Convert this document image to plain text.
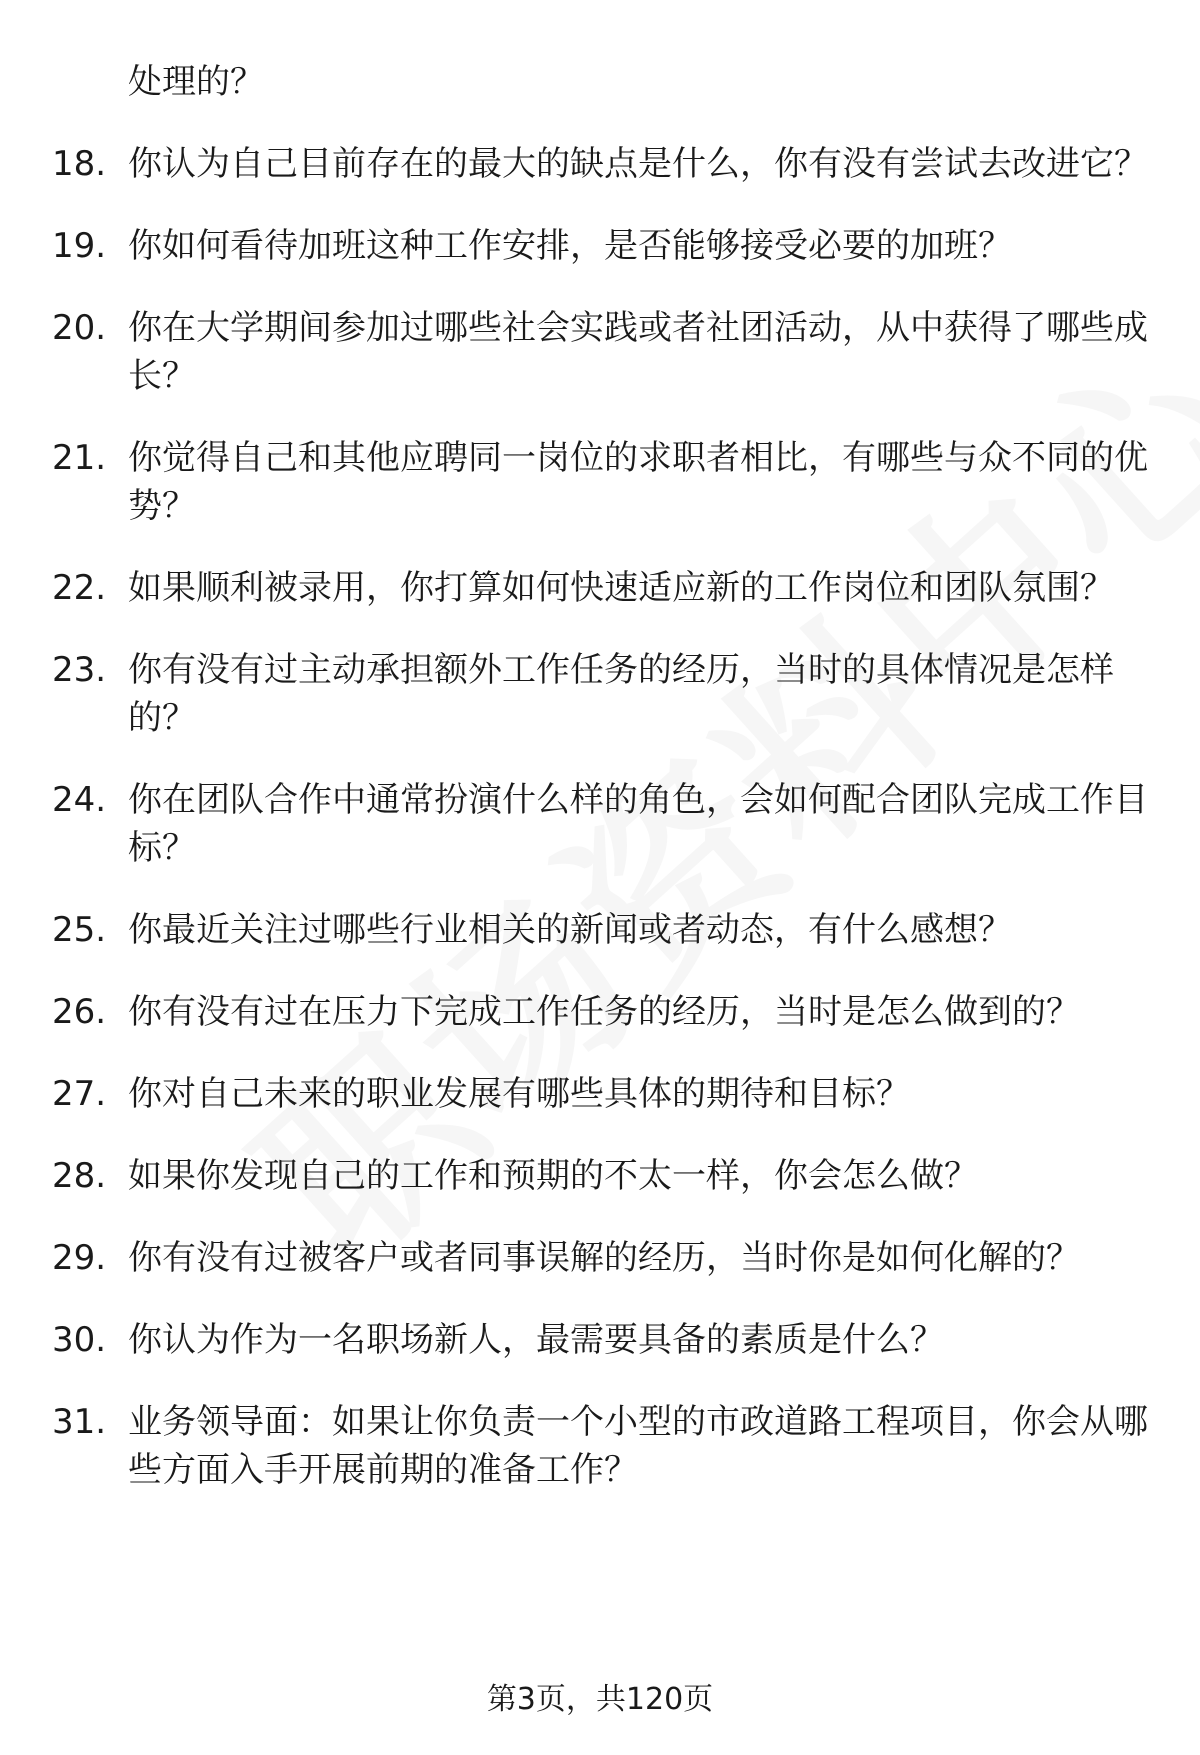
处理的？
18. 你认为自己目前存在的最大的缺点是什么，你有没有尝试去改进它？
19. 你如何看待加班这种工作安排，是否能够接受必要的加班？
20. 你在大学期间参加过哪些社会实践或者社团活动，从中获得了哪些成长？
21. 你觉得自己和其他应聘同一岗位的求职者相比，有哪些与众不同的优势？
22. 如果顺利被录用，你打算如何快速适应新的工作岗位和团队氛围？
23. 你有没有过主动承担额外工作任务的经历，当时的具体情况是怎样的？
24. 你在团队合作中通常扮演什么样的角色，会如何配合团队完成工作目标？
25. 你最近关注过哪些行业相关的新闻或者动态，有什么感想？
26. 你有没有过在压力下完成工作任务的经历，当时是怎么做到的？
27. 你对自己未来的职业发展有哪些具体的期待和目标？
28. 如果你发现自己的工作和预期的不太一样，你会怎么做？
29. 你有没有过被客户或者同事误解的经历，当时你是如何化解的？
30. 你认为作为一名职场新人，最需要具备的素质是什么？
31. 业务领导面：如果让你负责一个小型的市政道路工程项目，你会从哪些方面入手开展前期的准备工作？
第3页，共120页
